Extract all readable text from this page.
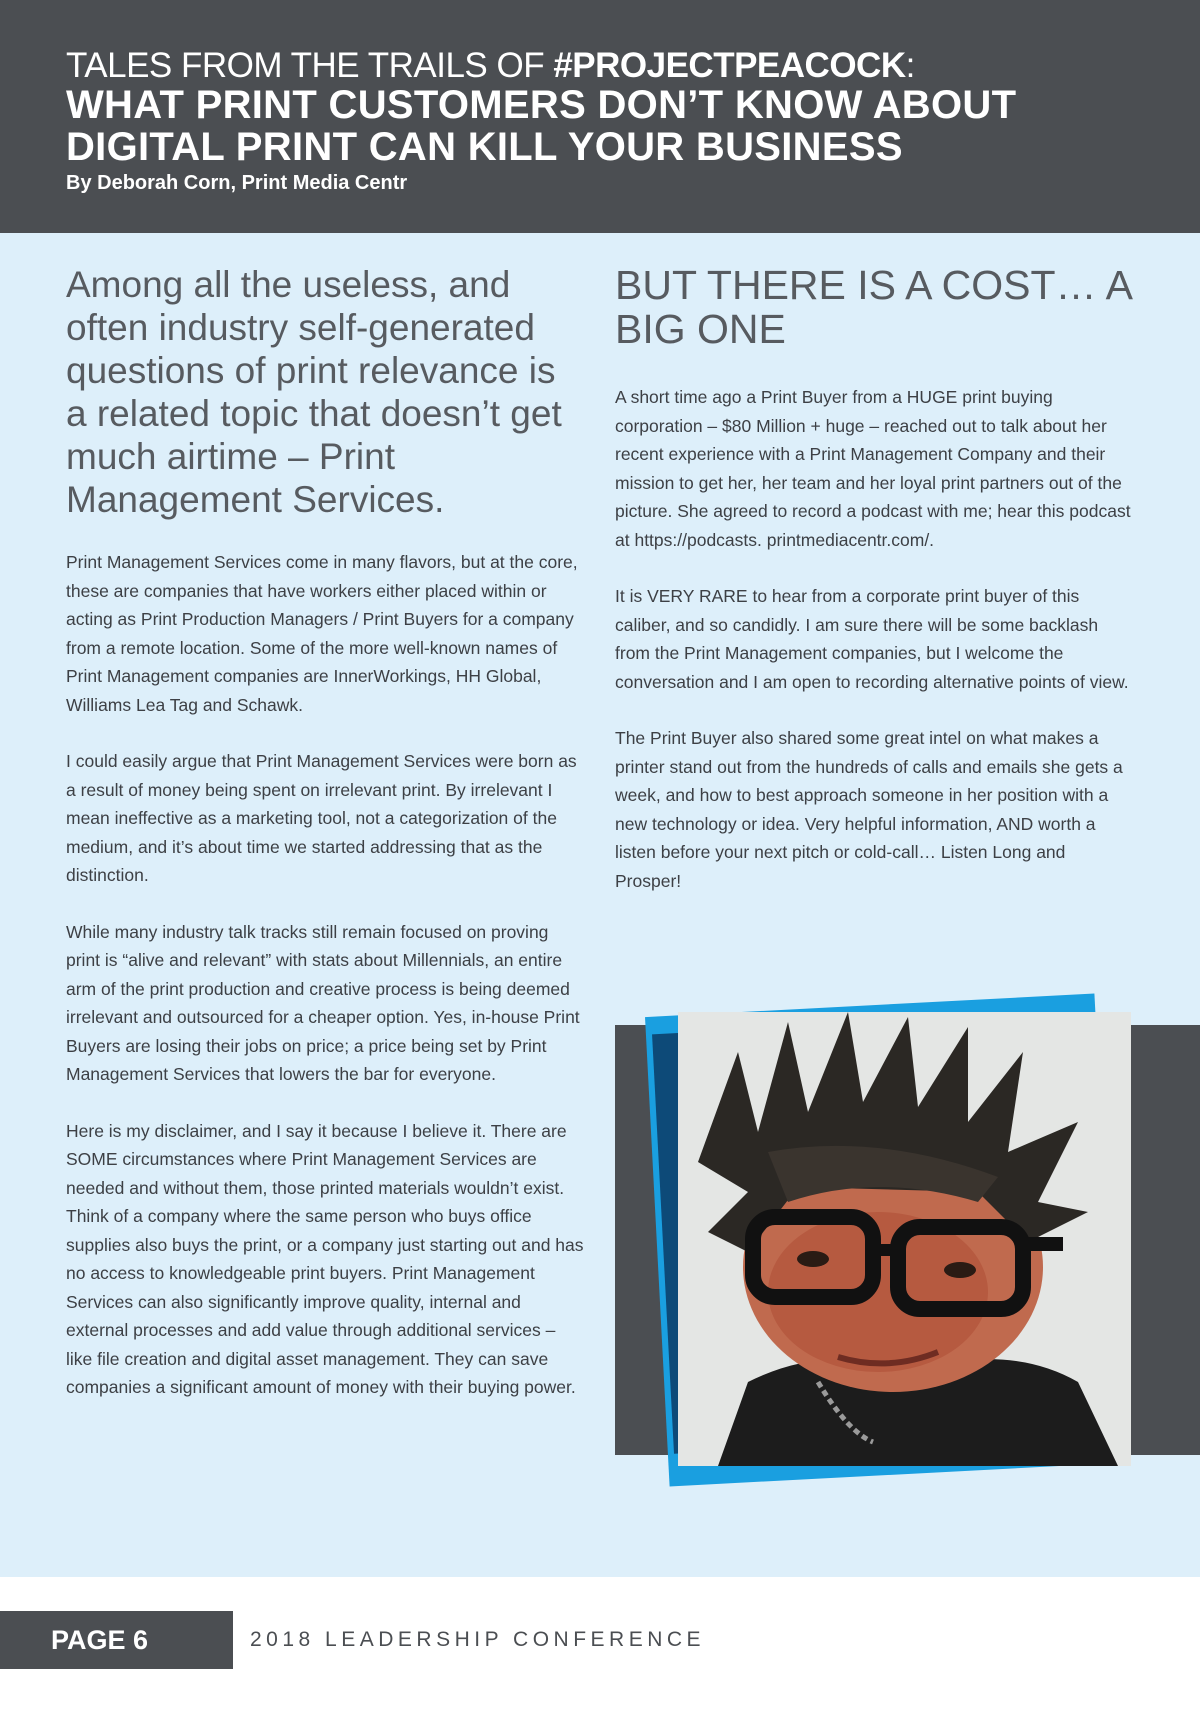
TALES FROM THE TRAILS OF #PROJECTPEACOCK:
WHAT PRINT CUSTOMERS DON’T KNOW ABOUT DIGITAL PRINT CAN KILL YOUR BUSINESS
By Deborah Corn, Print Media Centr
Among all the useless, and often industry self-generated questions of print relevance is a related topic that doesn’t get much airtime – Print Management Services.

Print Management Services come in many flavors, but at the core, these are companies that have workers either placed within or acting as Print Production Managers / Print Buyers for a company from a remote location. Some of the more well-known names of Print Management companies are InnerWorkings, HH Global, Williams Lea Tag and Schawk.

I could easily argue that Print Management Services were born as a result of money being spent on irrelevant print. By irrelevant I mean ineffective as a marketing tool, not a categorization of the medium, and it’s about time we started addressing that as the distinction.

While many industry talk tracks still remain focused on proving print is “alive and relevant” with stats about Millennials, an entire arm of the print production and creative process is being deemed irrelevant and outsourced for a cheaper option. Yes, in-house Print Buyers are losing their jobs on price; a price being set by Print Management Services that lowers the bar for everyone.

Here is my disclaimer, and I say it because I believe it. There are SOME circumstances where Print Management Services are needed and without them, those printed materials wouldn’t exist. Think of a company where the same person who buys office supplies also buys the print, or a company just starting out and has no access to knowledgeable print buyers. Print Management Services can also significantly improve quality, internal and external processes and add value through additional services – like file creation and digital asset management. They can save companies a significant amount of money with their buying power.

BUT THERE IS A COST… A BIG ONE

A short time ago a Print Buyer from a HUGE print buying corporation – $80 Million + huge – reached out to talk about her recent experience with a Print Management Company and their mission to get her, her team and her loyal print partners out of the picture. She agreed to record a podcast with me; hear this podcast at https://podcasts. printmediacentr.com/.

It is VERY RARE to hear from a corporate print buyer of this caliber, and so candidly. I am sure there will be some backlash from the Print Management companies, but I welcome the conversation and I am open to recording alternative points of view.

The Print Buyer also shared some great intel on what makes a printer stand out from the hundreds of calls and emails she gets a week, and how to best approach someone in her position with a new technology or idea. Very helpful information, AND worth a listen before your next pitch or cold-call… Listen Long and Prosper!

PAGE 6	2018 LEADERSHIP CONFERENCE
